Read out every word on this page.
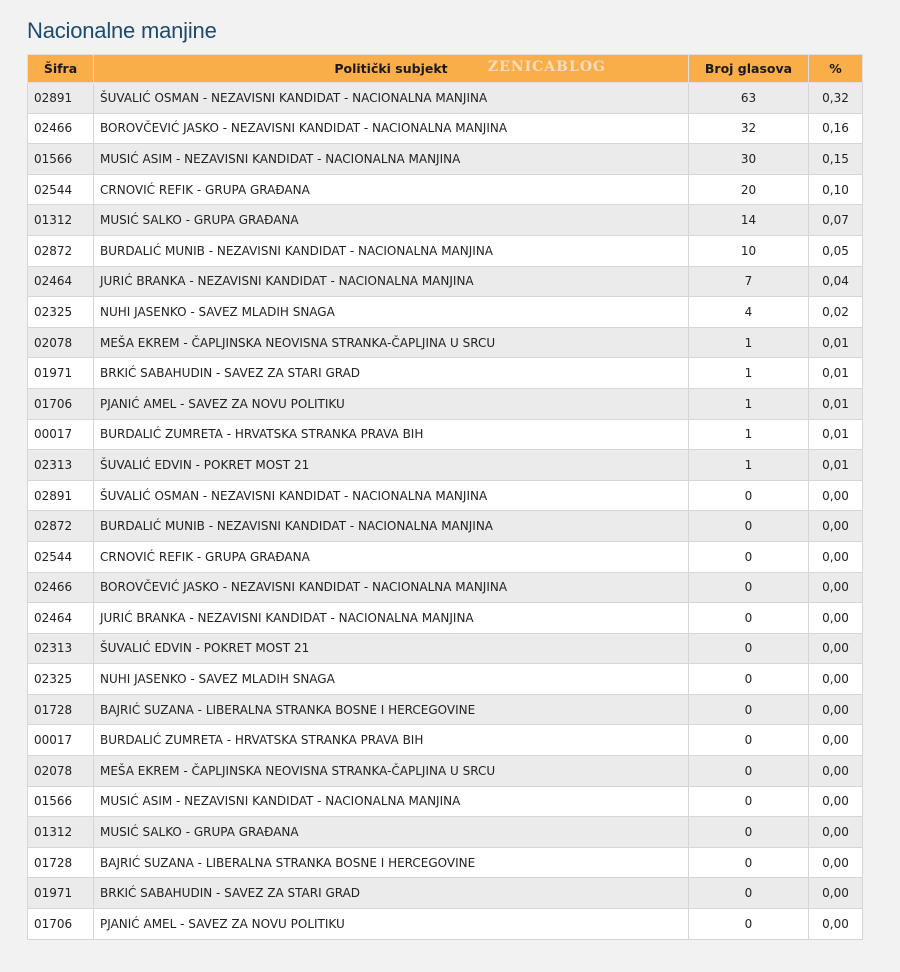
Nacionalne manjine
Šifra	Politički subjekt ZENICABLOG	Broj glasova	%
02891	ŠUVALIĆ OSMAN - NEZAVISNI KANDIDAT - NACIONALNA MANJINA	63	0,32
02466	BOROVČEVIĆ JASKO - NEZAVISNI KANDIDAT - NACIONALNA MANJINA	32	0,16
01566	MUSIĆ ASIM - NEZAVISNI KANDIDAT - NACIONALNA MANJINA	30	0,15
02544	CRNOVIĆ REFIK - GRUPA GRAĐANA	20	0,10
01312	MUSIĆ SALKO - GRUPA GRAĐANA	14	0,07
02872	BURDALIĆ MUNIB - NEZAVISNI KANDIDAT - NACIONALNA MANJINA	10	0,05
02464	JURIĆ BRANKA - NEZAVISNI KANDIDAT - NACIONALNA MANJINA	7	0,04
02325	NUHI JASENKO - SAVEZ MLADIH SNAGA	4	0,02
02078	MEŠA EKREM - ČAPLJINSKA NEOVISNA STRANKA-ČAPLJINA U SRCU	1	0,01
01971	BRKIĆ SABAHUDIN - SAVEZ ZA STARI GRAD	1	0,01
01706	PJANIĆ AMEL - SAVEZ ZA NOVU POLITIKU	1	0,01
00017	BURDALIĆ ZUMRETA - HRVATSKA STRANKA PRAVA BIH	1	0,01
02313	ŠUVALIĆ EDVIN - POKRET MOST 21	1	0,01
02891	ŠUVALIĆ OSMAN - NEZAVISNI KANDIDAT - NACIONALNA MANJINA	0	0,00
02872	BURDALIĆ MUNIB - NEZAVISNI KANDIDAT - NACIONALNA MANJINA	0	0,00
02544	CRNOVIĆ REFIK - GRUPA GRAĐANA	0	0,00
02466	BOROVČEVIĆ JASKO - NEZAVISNI KANDIDAT - NACIONALNA MANJINA	0	0,00
02464	JURIĆ BRANKA - NEZAVISNI KANDIDAT - NACIONALNA MANJINA	0	0,00
02313	ŠUVALIĆ EDVIN - POKRET MOST 21	0	0,00
02325	NUHI JASENKO - SAVEZ MLADIH SNAGA	0	0,00
01728	BAJRIĆ SUZANA - LIBERALNA STRANKA BOSNE I HERCEGOVINE	0	0,00
00017	BURDALIĆ ZUMRETA - HRVATSKA STRANKA PRAVA BIH	0	0,00
02078	MEŠA EKREM - ČAPLJINSKA NEOVISNA STRANKA-ČAPLJINA U SRCU	0	0,00
01566	MUSIĆ ASIM - NEZAVISNI KANDIDAT - NACIONALNA MANJINA	0	0,00
01312	MUSIĆ SALKO - GRUPA GRAĐANA	0	0,00
01728	BAJRIĆ SUZANA - LIBERALNA STRANKA BOSNE I HERCEGOVINE	0	0,00
01971	BRKIĆ SABAHUDIN - SAVEZ ZA STARI GRAD	0	0,00
01706	PJANIĆ AMEL - SAVEZ ZA NOVU POLITIKU	0	0,00
